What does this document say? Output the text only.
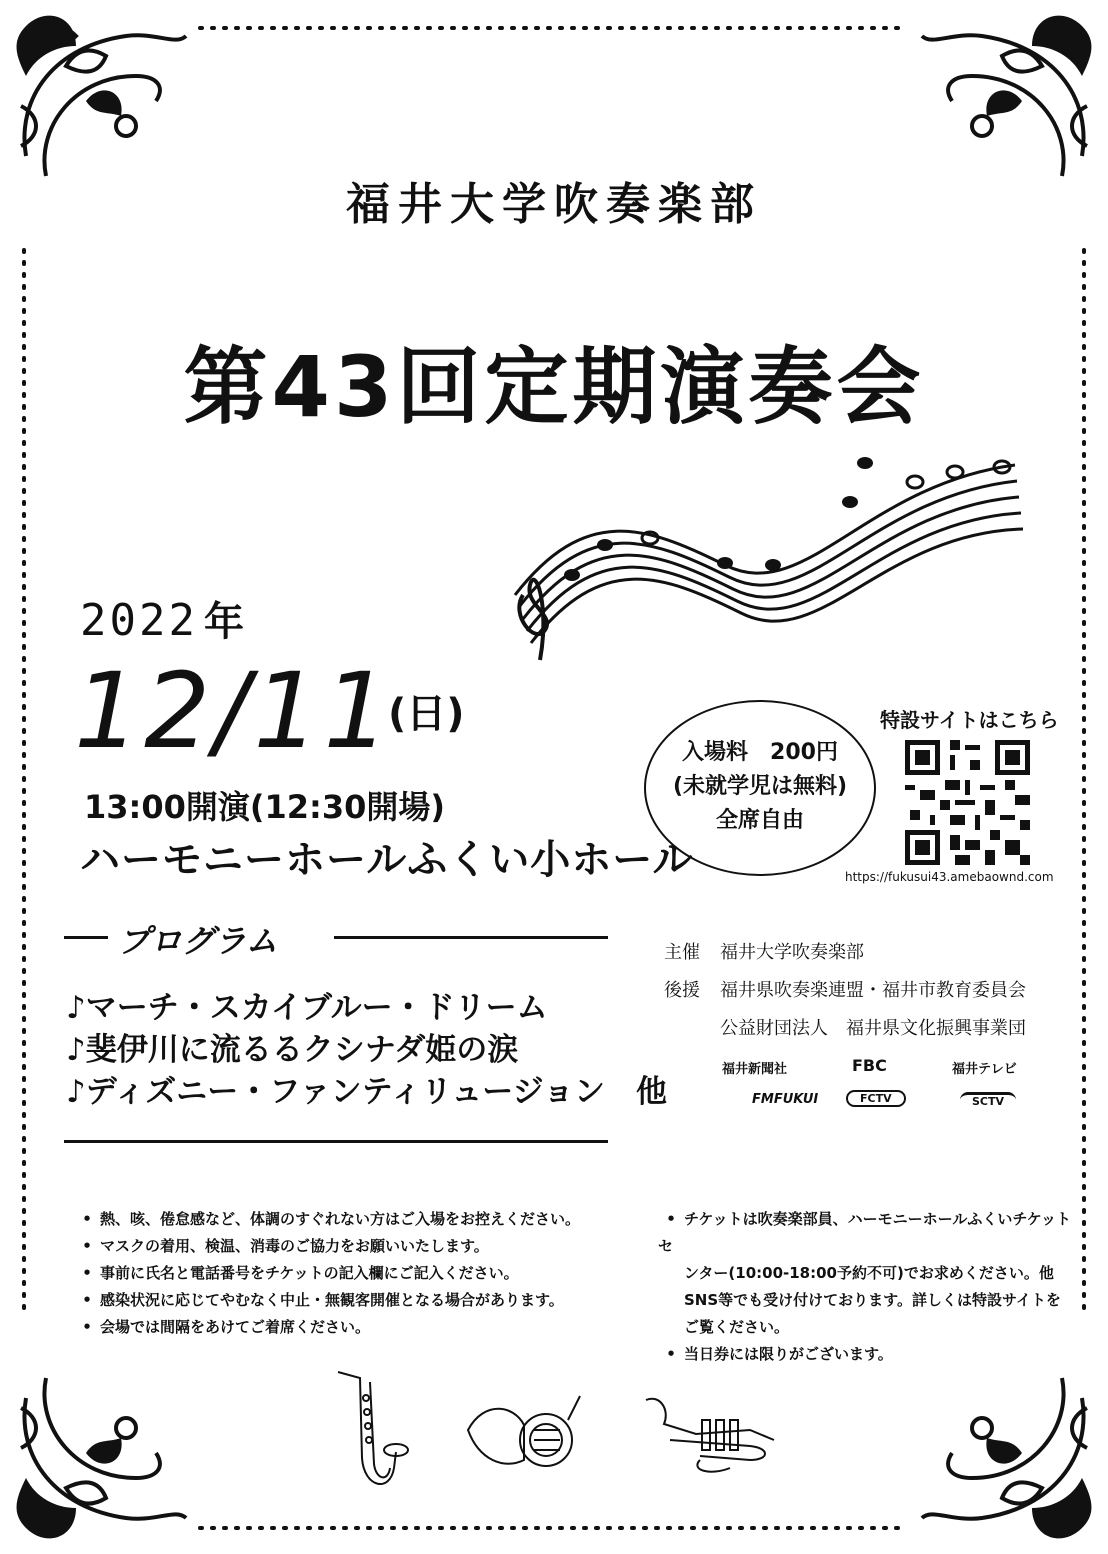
福井大学吹奏楽部
第43回定期演奏会
2022 年
12/11
(日)
13:00開演(12:30開場)
ハーモニーホールふくい小ホール
入場料　200円
(未就学児は無料)
全席自由
特設サイトはこちら
https://fukusui43.amebaownd.com
プログラム
♪マーチ・スカイブルー・ドリーム
♪斐伊川に流るるクシナダ姫の涙
♪ディズニー・ファンティリュージョン　他
主催 福井大学吹奏楽部
後援 福井県吹奏楽連盟・福井市教育委員会
公益財団法人　福井県文化振興事業団
福井新聞社	FBC	福井テレビ
FMFUKUI	FCTV	SCTV
• 熱、咳、倦怠感など、体調のすぐれない方はご入場をお控えください。
• マスクの着用、検温、消毒のご協力をお願いいたします。
• 事前に氏名と電話番号をチケットの記入欄にご記入ください。
• 感染状況に応じてやむなく中止・無観客開催となる場合があります。
• 会場では間隔をあけてご着席ください。
• チケットは吹奏楽部員、ハーモニーホールふくいチケットセ
ンター(10:00-18:00予約不可)でお求めください。他
SNS等でも受け付けております。詳しくは特設サイトを
ご覧ください。
• 当日券には限りがございます。
